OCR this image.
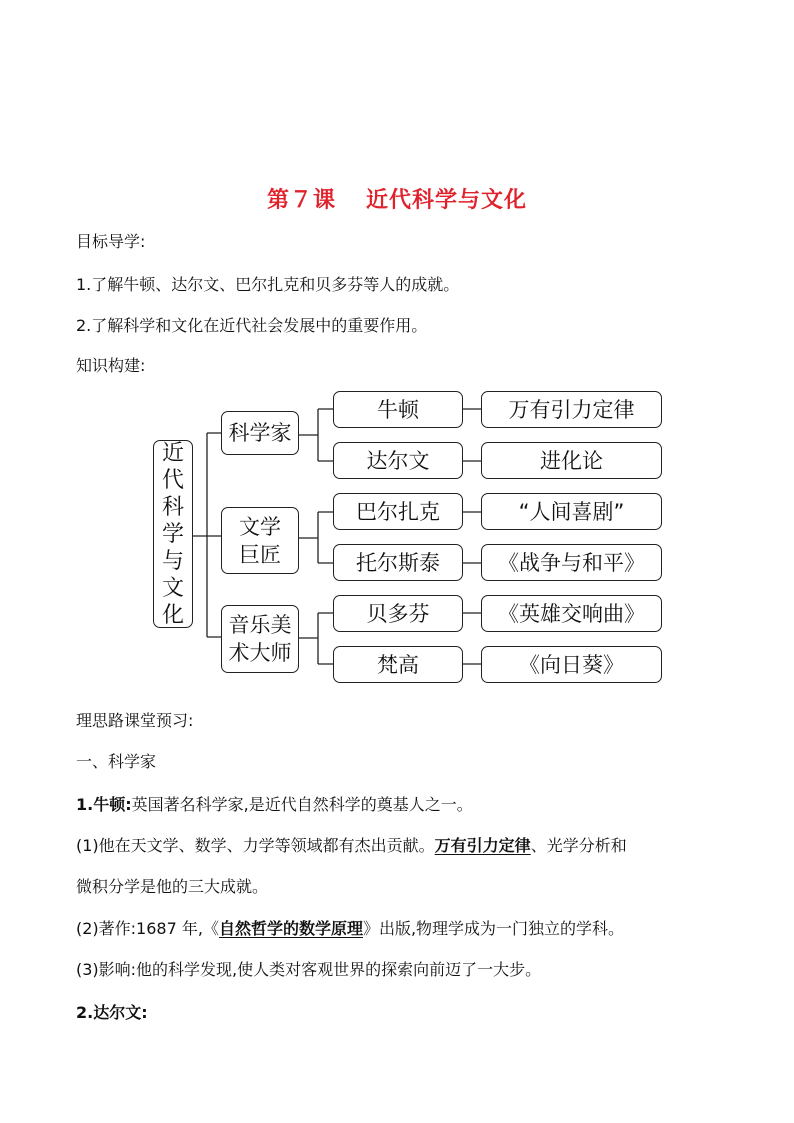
第７课 近代科学与文化
目标导学:
1.了解牛顿、达尔文、巴尔扎克和贝多芬等人的成就。
2.了解科学和文化在近代社会发展中的重要作用。
知识构建:
近
代
科
学
与
文
化
科学家
文学
巨匠
音乐美
术大师
牛顿
达尔文
巴尔扎克
托尔斯泰
贝多芬
梵高
万有引力定律
进化论
“人间喜剧”
《战争与和平》
《英雄交响曲》
《向日葵》
理思路课堂预习:
一、科学家
1.牛顿:英国著名科学家,是近代自然科学的奠基人之一。
(1)他在天文学、数学、力学等领域都有杰出贡献。万有引力定律、光学分析和
微积分学是他的三大成就。
(2)著作:1687 年,《自然哲学的数学原理》出版,物理学成为一门独立的学科。
(3)影响:他的科学发现,使人类对客观世界的探索向前迈了一大步。
2.达尔文:
